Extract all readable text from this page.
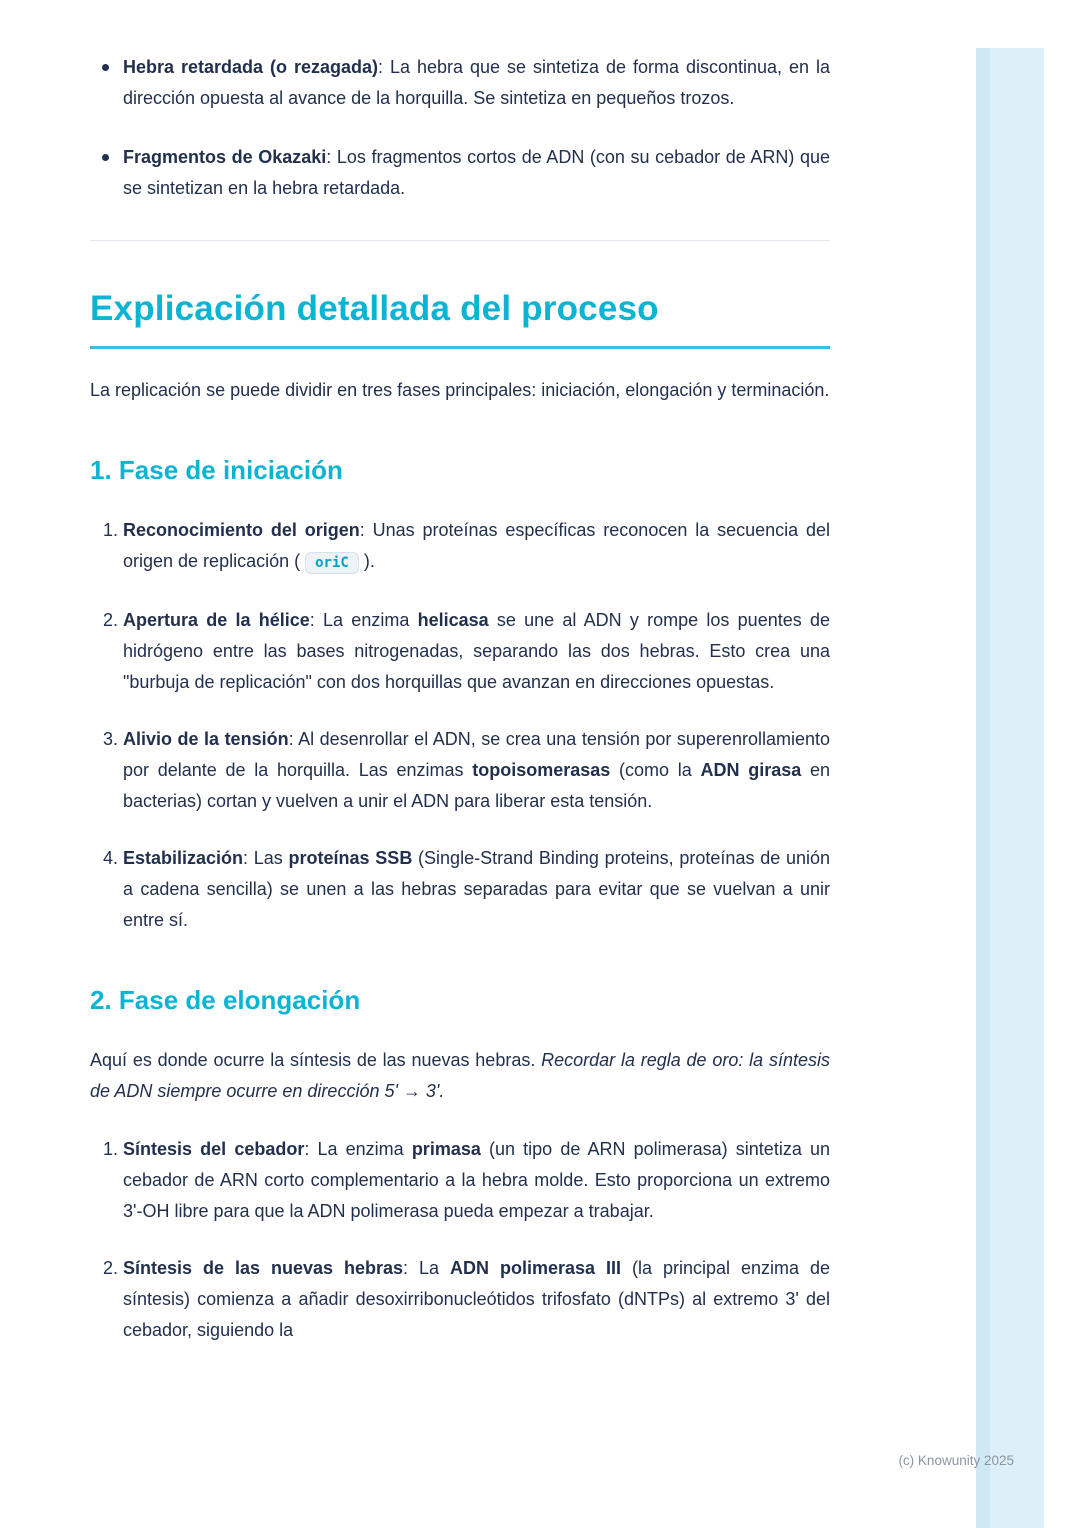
Hebra retardada (o rezagada): La hebra que se sintetiza de forma discontinua, en la dirección opuesta al avance de la horquilla. Se sintetiza en pequeños trozos.

Fragmentos de Okazaki: Los fragmentos cortos de ADN (con su cebador de ARN) que se sintetizan en la hebra retardada.

Explicación detallada del proceso

La replicación se puede dividir en tres fases principales: iniciación, elongación y terminación.

1. Fase de iniciación
1. Reconocimiento del origen: Unas proteínas específicas reconocen la secuencia del origen de replicación ( oriC ).

2. Apertura de la hélice: La enzima helicasa se une al ADN y rompe los puentes de hidrógeno entre las bases nitrogenadas, separando las dos hebras. Esto crea una "burbuja de replicación" con dos horquillas que avanzan en direcciones opuestas.

3. Alivio de la tensión: Al desenrollar el ADN, se crea una tensión por superenrollamiento por delante de la horquilla. Las enzimas topoisomerasas (como la ADN girasa en bacterias) cortan y vuelven a unir el ADN para liberar esta tensión.

4. Estabilización: Las proteínas SSB (Single-Strand Binding proteins, proteínas de unión a cadena sencilla) se unen a las hebras separadas para evitar que se vuelvan a unir entre sí.

2. Fase de elongación

Aquí es donde ocurre la síntesis de las nuevas hebras. Recordar la regla de oro: la síntesis de ADN siempre ocurre en dirección 5' → 3'.

1. Síntesis del cebador: La enzima primasa (un tipo de ARN polimerasa) sintetiza un cebador de ARN corto complementario a la hebra molde. Esto proporciona un extremo 3'-OH libre para que la ADN polimerasa pueda empezar a trabajar.

2. Síntesis de las nuevas hebras: La ADN polimerasa III (la principal enzima de síntesis) comienza a añadir desoxirribonucleótidos trifosfato (dNTPs) al extremo 3' del cebador, siguiendo la

(c) Knowunity 2025
